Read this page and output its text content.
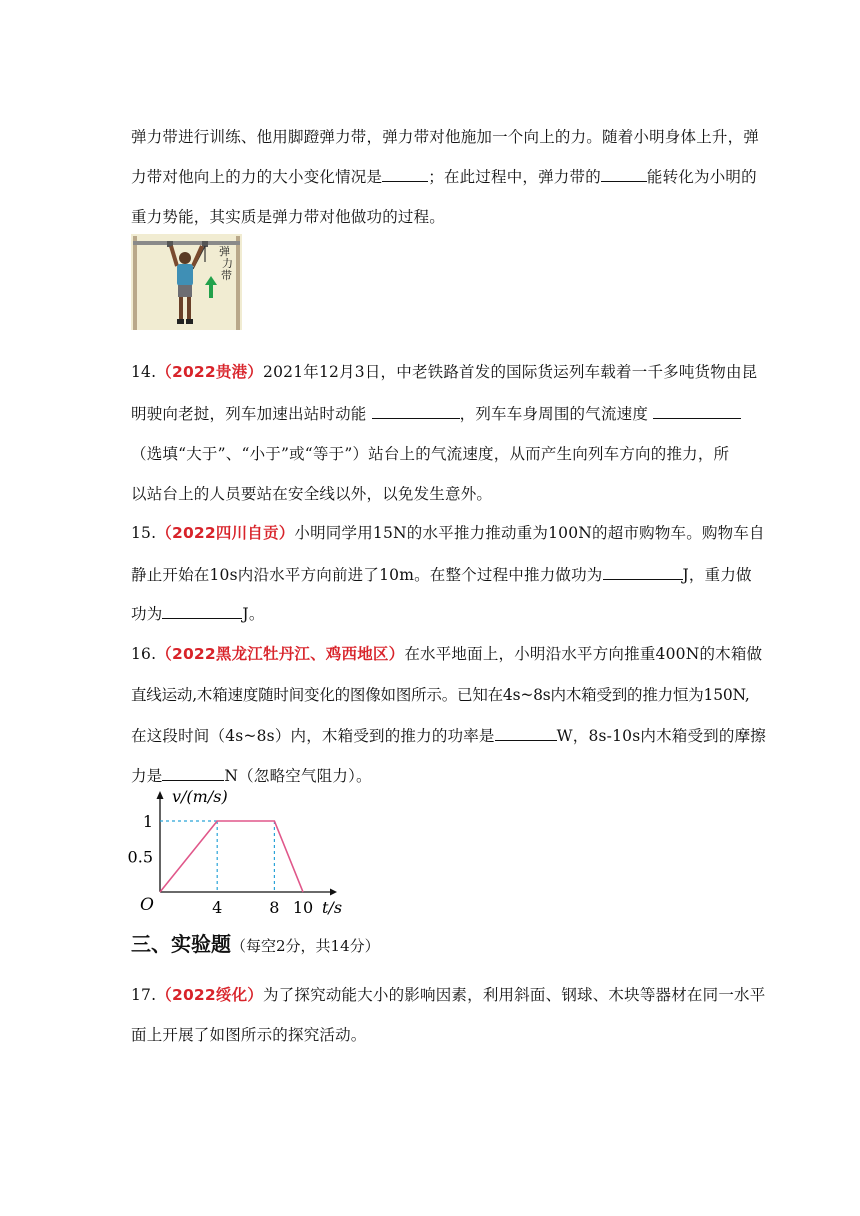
弹力带进行训练、他用脚蹬弹力带，弹力带对他施加一个向上的力。随着小明身体上升，弹
力带对他向上的力的大小变化情况是	；在此过程中，弹力带的	能转化为小明的
重力势能，其实质是弹力带对他做功的过程。
弹
力
带
14.（2022贵港）2021年12月3日，中老铁路首发的国际货运列车载着一千多吨货物由昆
明驶向老挝，列车加速出站时动能	，列车车身周围的气流速度
（选填“大于”、“小于”或“等于”）站台上的气流速度，从而产生向列车方向的推力，所
以站台上的人员要站在安全线以外，以免发生意外。
15.（2022四川自贡）小明同学用15N的水平推力推动重为100N的超市购物车。购物车自
静止开始在10s内沿水平方向前进了10m。在整个过程中推力做功为	J，重力做
功为	J。
16.（2022黑龙江牡丹江、鸡西地区）在水平地面上，小明沿水平方向推重400N的木箱做
直线运动,木箱速度随时间变化的图像如图所示。已知在4s~8s内木箱受到的推力恒为150N,
在这段时间（4s~8s）内，木箱受到的推力的功率是	W，8s-10s内木箱受到的摩擦
力是	N（忽略空气阻力）。
v/(m/s)
t/s
O	4	8 10
0.5
1
三、实验题（每空2分，共14分）
17.（2022绥化）为了探究动能大小的影响因素，利用斜面、钢球、木块等器材在同一水平
面上开展了如图所示的探究活动。
